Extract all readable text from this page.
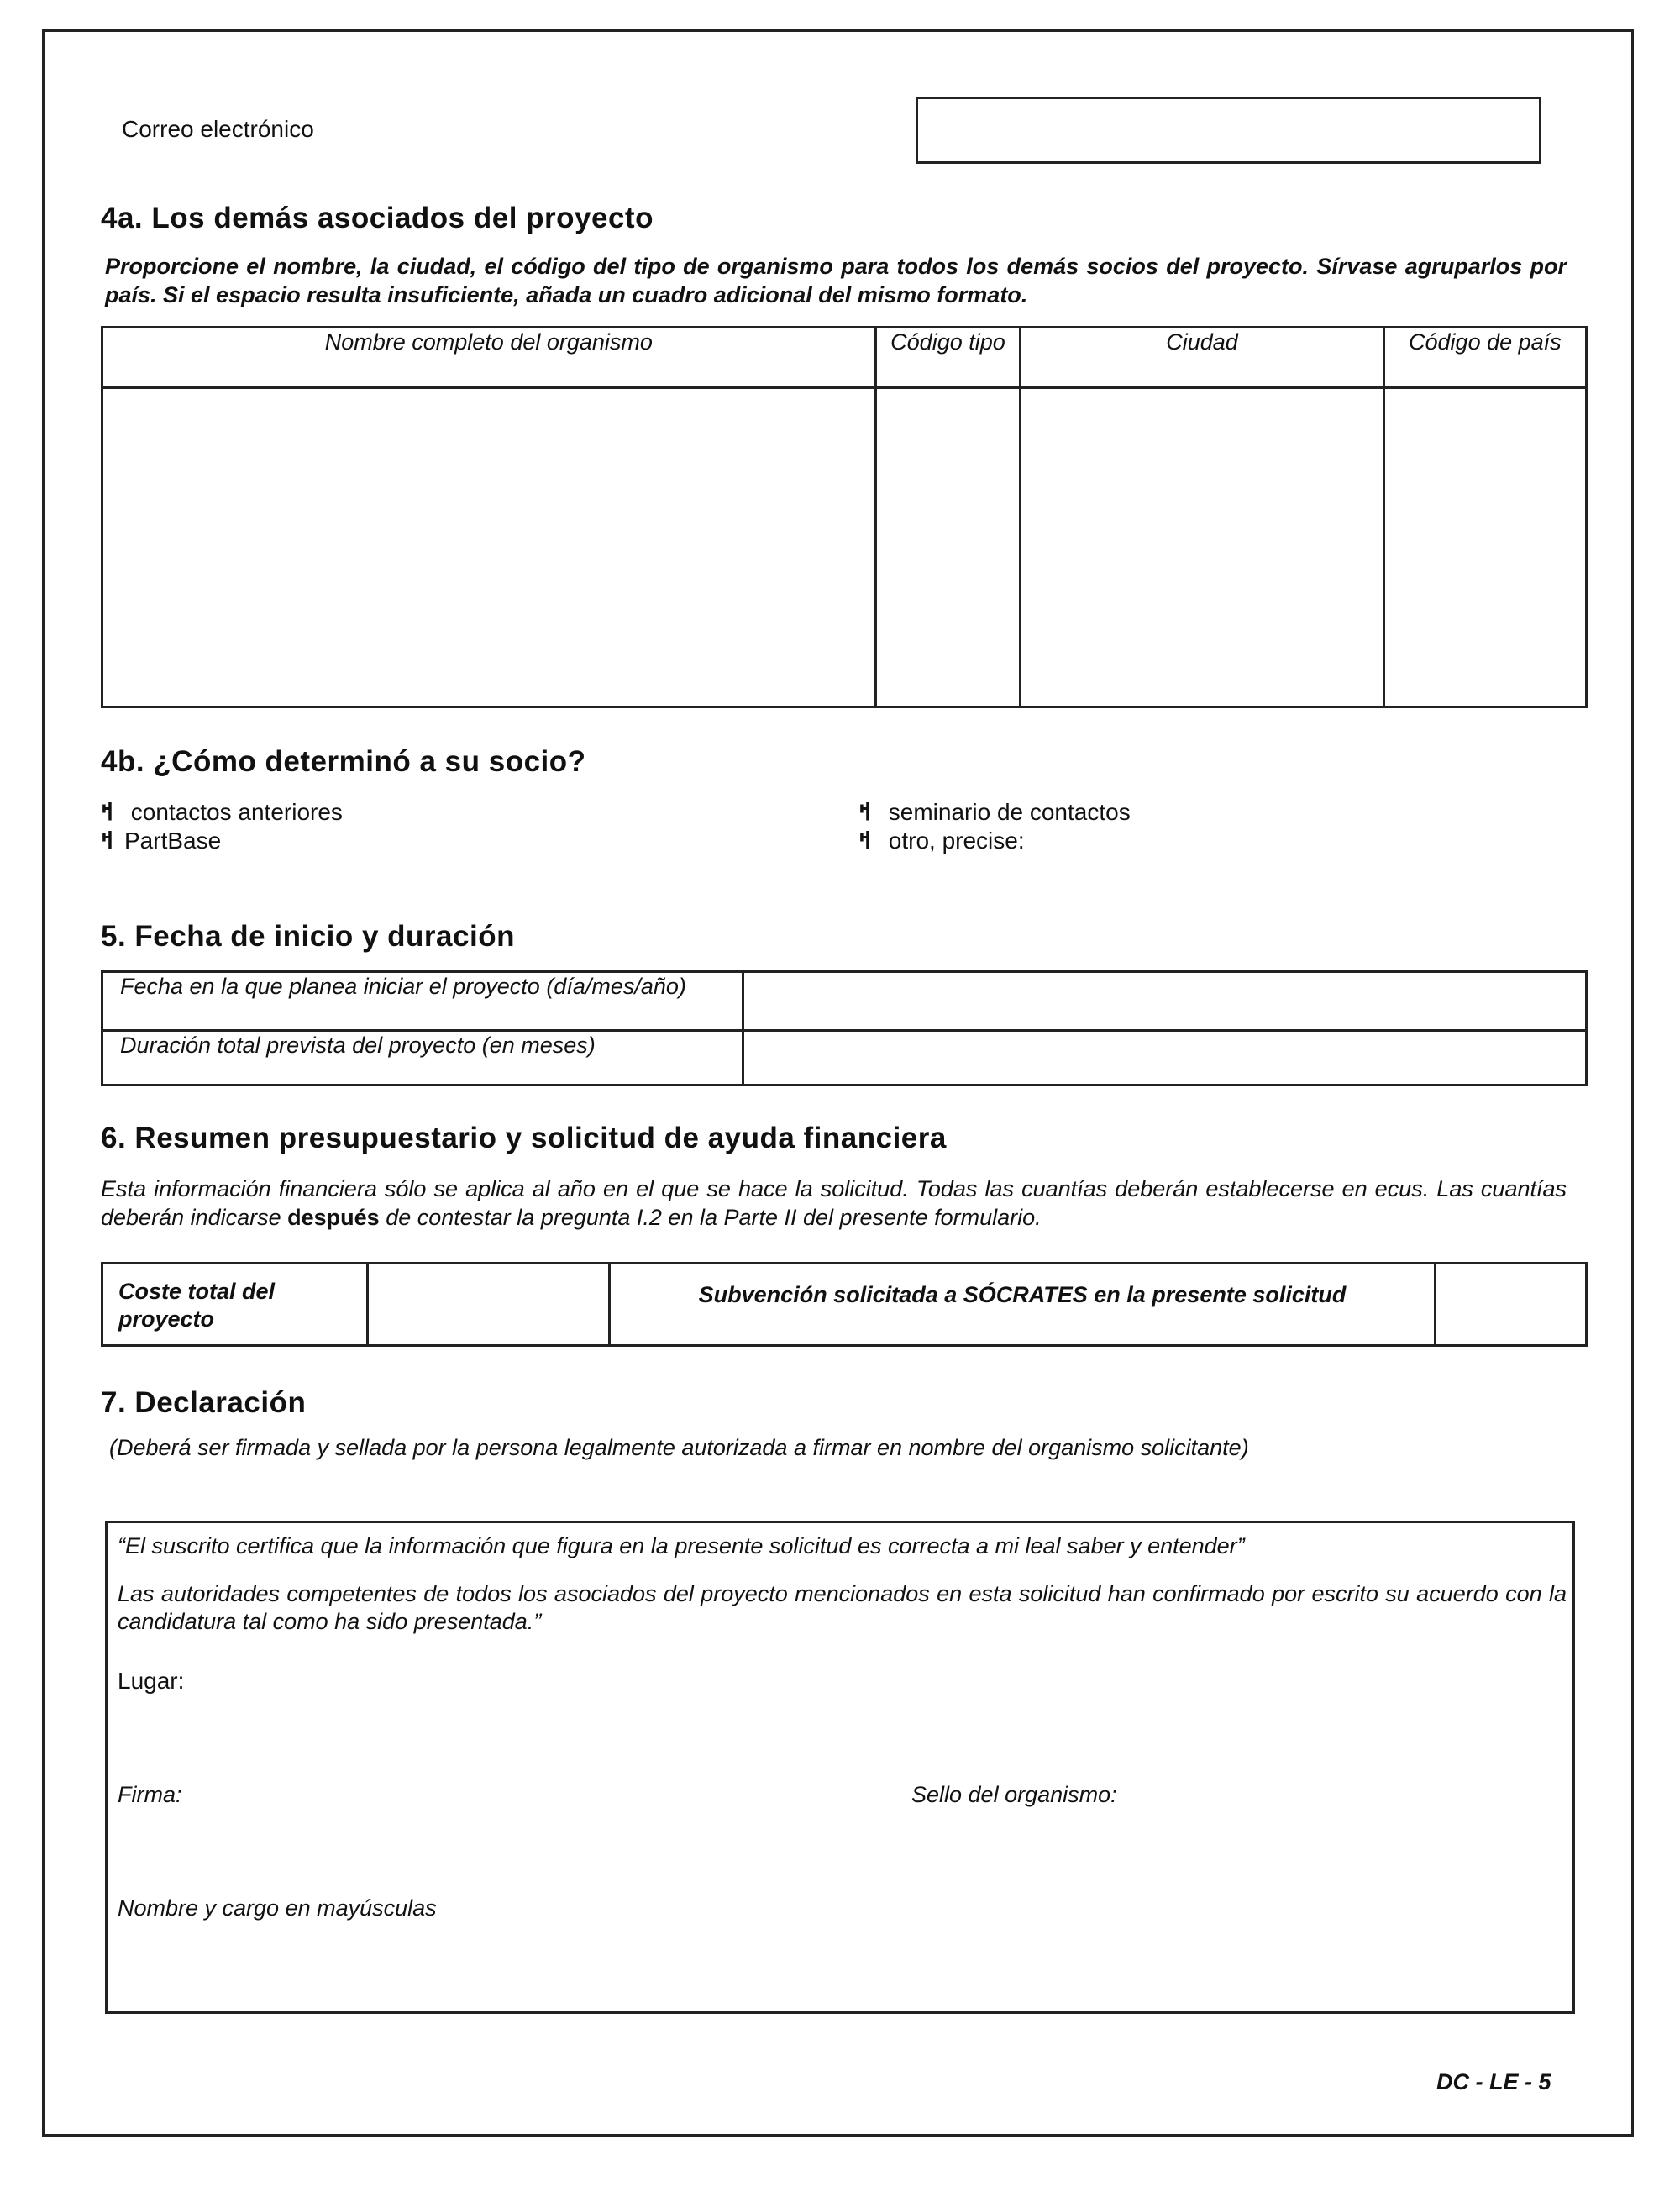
Correo electrónico
4a. Los demás asociados del proyecto
Proporcione el nombre, la ciudad, el código del tipo de organismo para todos los demás socios del proyecto. Sírvase agruparlos por país. Si el espacio resulta insuficiente, añada un cuadro adicional del mismo formato.
Nombre completo del organismo	Código tipo	Ciudad	Código de país

4b. ¿Cómo determinó a su socio?
ߞ contactos anteriores
ߞ PartBase
ߞ seminario de contactos
ߞ otro, precise:
5. Fecha de inicio y duración
Fecha en la que planea iniciar el proyecto (día/mes/año)	
Duración total prevista del proyecto (en meses)	
6. Resumen presupuestario y solicitud de ayuda financiera
Esta información financiera sólo se aplica al año en el que se hace la solicitud. Todas las cuantías deberán establecerse en ecus. Las cuantías deberán indicarse después de contestar la pregunta I.2 en la Parte II del presente formulario.
Coste total del proyecto		Subvención solicitada a SÓCRATES en la presente solicitud	
7. Declaración
(Deberá ser firmada y sellada por la persona legalmente autorizada a firmar en nombre del organismo solicitante)
“El suscrito certifica que la información que figura en la presente solicitud es correcta a mi leal saber y entender”
Las autoridades competentes de todos los asociados del proyecto mencionados en esta solicitud han confirmado por escrito su acuerdo con la candidatura tal como ha sido presentada.”
Lugar:
Firma:	Sello del organismo:
Nombre y cargo en mayúsculas
DC - LE - 5
